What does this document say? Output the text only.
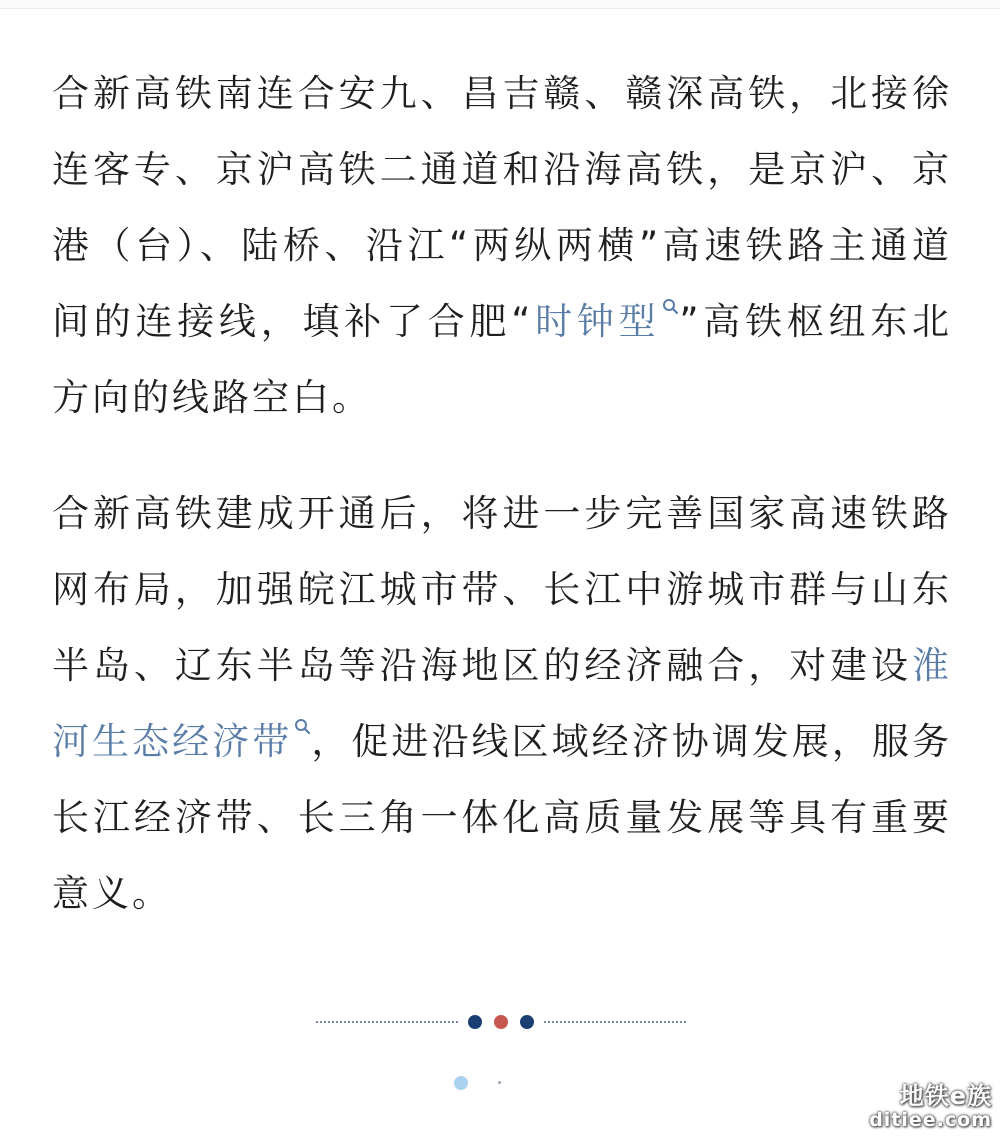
合新高铁南连合安九、昌吉赣、赣深高铁，北接徐连客专、京沪高铁二通道和沿海高铁，是京沪、京港（台）、陆桥、沿江“两纵两横”高速铁路主通道间的连接线，填补了合肥“时钟型 ”高铁枢纽东北方向的线路空白。

合新高铁建成开通后，将进一步完善国家高速铁路网布局，加强皖江城市带、长江中游城市群与山东半岛、辽东半岛等沿海地区的经济融合，对建设淮河生态经济带 ，促进沿线区域经济协调发展，服务长江经济带、长三角一体化高质量发展等具有重要意义。

地铁e族
ditiee.com
